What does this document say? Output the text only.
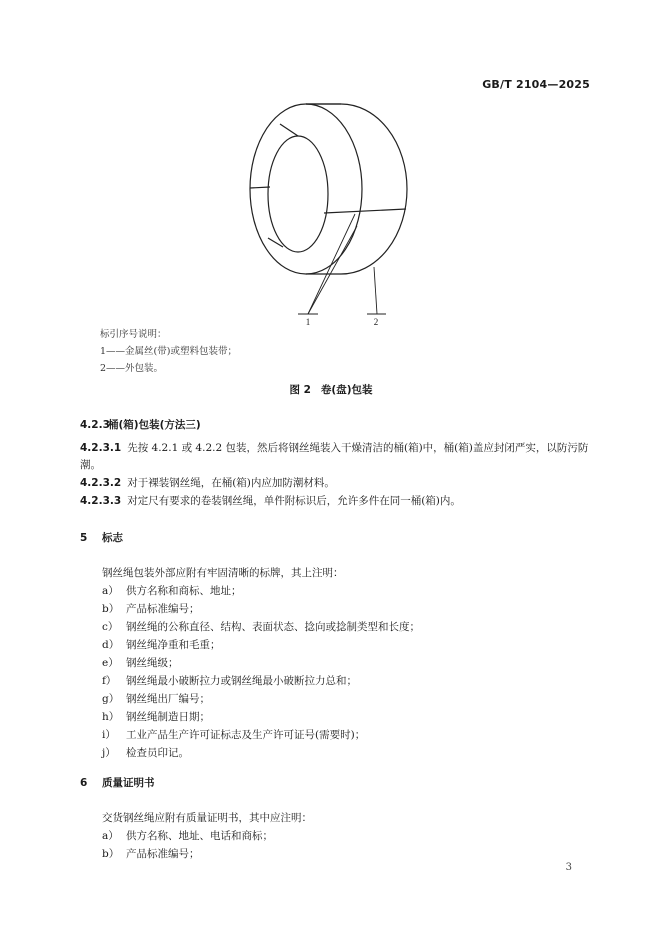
GB/T 2104—2025
1	2
标引序号说明：
1——金属丝(带)或塑料包装带；
2——外包装。
图 2 卷(盘)包装
4.2.3桶(箱)包装(方法三)
4.2.3.1 先按 4.2.1 或 4.2.2 包装，然后将钢丝绳装入干燥清洁的桶(箱)中，桶(箱)盖应封闭严实，以防污防潮。
4.2.3.2 对于裸装钢丝绳，在桶(箱)内应加防潮材料。
4.2.3.3 对定尺有要求的卷装钢丝绳，单件附标识后，允许多件在同一桶(箱)内。
5 标志
钢丝绳包装外部应附有牢固清晰的标牌，其上注明：
a） 供方名称和商标、地址；
b） 产品标准编号；
c） 钢丝绳的公称直径、结构、表面状态、捻向或捻制类型和长度；
d） 钢丝绳净重和毛重；
e） 钢丝绳级；
f） 钢丝绳最小破断拉力或钢丝绳最小破断拉力总和；
g） 钢丝绳出厂编号；
h） 钢丝绳制造日期；
i） 工业产品生产许可证标志及生产许可证号(需要时)；
j） 检查员印记。
6 质量证明书
交货钢丝绳应附有质量证明书，其中应注明：
a） 供方名称、地址、电话和商标；
b） 产品标准编号；
3
